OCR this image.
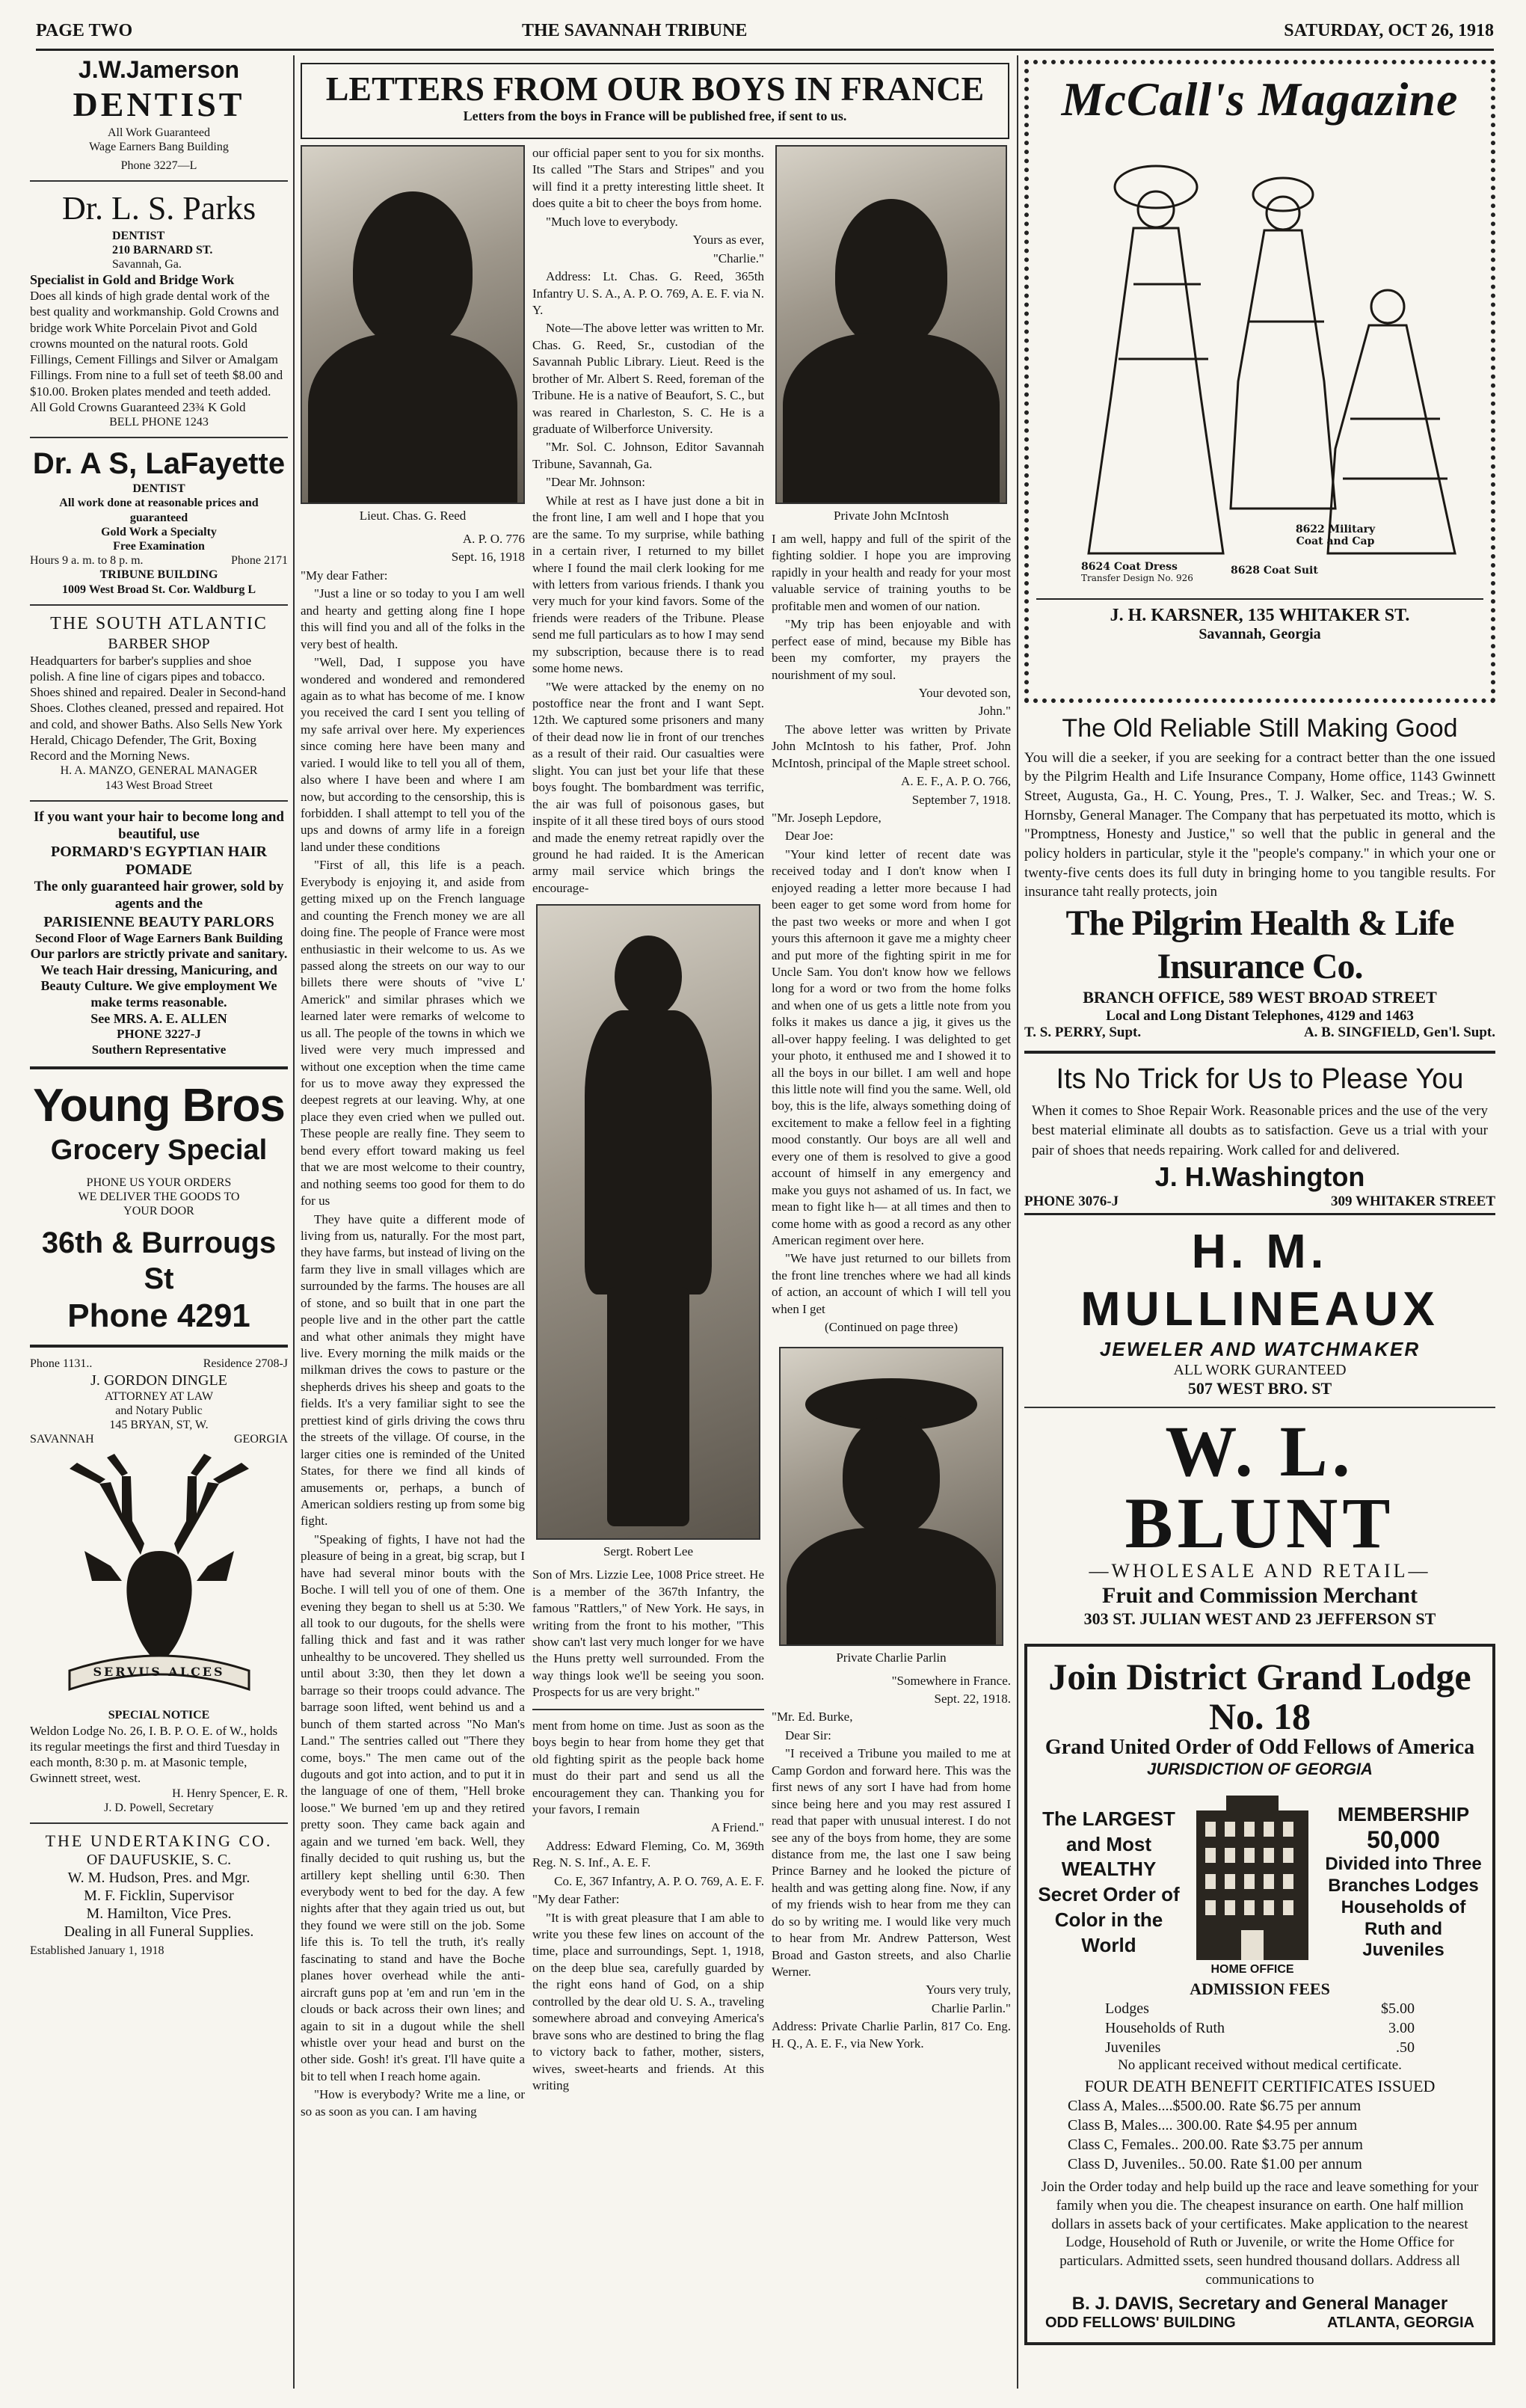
PAGE TWO	THE SAVANNAH TRIBUNE	SATURDAY, OCT 26, 1918
J.W.Jamerson
DENTIST
All Work Guaranteed
Wage Earners Bang Building
Phone 3227—L
Dr. L. S. Parks
DENTIST
210 BARNARD ST.
Savannah, Ga.
Specialist in Gold and Bridge Work
Does all kinds of high grade dental work of the best quality and workmanship. Gold Crowns and bridge work White Porcelain Pivot and Gold crowns mounted on the natural roots. Gold Fillings, Cement Fillings and Silver or Amalgam Fillings. From nine to a full set of teeth $8.00 and $10.00. Broken plates mended and teeth added. All Gold Crowns Guaranteed 23¾ K Gold
BELL PHONE 1243
Dr. A S, LaFayette
DENTIST
All work done at reasonable prices and guaranteed
Gold Work a Specialty
Free Examination
Hours 9 a. m. to 8 p. m.	Phone 2171
TRIBUNE BUILDING
1009 West Broad St. Cor. Waldburg L
THE SOUTH ATLANTIC
BARBER SHOP
Headquarters for barber's supplies and shoe polish. A fine line of cigars pipes and tobacco. Shoes shined and repaired. Dealer in Second-hand Shoes. Clothes cleaned, pressed and repaired. Hot and cold, and shower Baths. Also Sells New York Herald, Chicago Defender, The Grit, Boxing Record and the Morning News.
H. A. MANZO, GENERAL MANAGER
143 West Broad Street
If you want your hair to become long and beautiful, use
PORMARD'S EGYPTIAN HAIR POMADE
The only guaranteed hair grower, sold by agents and the
PARISIENNE BEAUTY PARLORS
Second Floor of Wage Earners Bank Building
Our parlors are strictly private and sanitary. We teach Hair dressing, Manicuring, and Beauty Culture. We give employment We make terms reasonable.
See MRS. A. E. ALLEN
PHONE 3227-J
Southern Representative
Young Bros
Grocery Special
PHONE US YOUR ORDERS
WE DELIVER THE GOODS TO
YOUR DOOR
36th & Burrougs St
Phone 4291
Phone 1131..	Residence 2708-J
J. GORDON DINGLE
ATTORNEY AT LAW
and Notary Public
145 BRYAN, ST, W.
SAVANNAH	GEORGIA
SERVUS ALCES
SPECIAL NOTICE
Weldon Lodge No. 26, I. B. P. O. E. of W., holds its regular meetings the first and third Tuesday in each month, 8:30 p. m. at Masonic temple, Gwinnett street, west.
H. Henry Spencer, E. R.
J. D. Powell, Secretary
THE UNDERTAKING CO.
OF DAUFUSKIE, S. C.
W. M. Hudson, Pres. and Mgr.
M. F. Ficklin, Supervisor
M. Hamilton, Vice Pres.
Dealing in all Funeral Supplies.
Established January 1, 1918
LETTERS FROM OUR BOYS IN FRANCE
Letters from the boys in France will be published free, if sent to us.
Lieut. Chas. G. Reed

A. P. O. 776

Sept. 16, 1918

"My dear Father:

"Just a line or so today to you I am well and hearty and getting along fine I hope this will find you and all of the folks in the very best of health.

"Well, Dad, I suppose you have wondered and wondered and remondered again as to what has become of me. I know you received the card I sent you telling of my safe arrival over here. My experiences since coming here have been many and varied. I would like to tell you all of them, also where I have been and where I am now, but according to the censorship, this is forbidden. I shall attempt to tell you of the ups and downs of army life in a foreign land under these conditions

"First of all, this life is a peach. Everybody is enjoying it, and aside from getting mixed up on the French language and counting the French money we are all doing fine. The people of France were most enthusiastic in their welcome to us. As we passed along the streets on our way to our billets there were shouts of "vive L' Americk" and similar phrases which we learned later were remarks of welcome to us all. The people of the towns in which we lived were very much impressed and without one exception when the time came for us to move away they expressed the deepest regrets at our leaving. Why, at one place they even cried when we pulled out. These people are really fine. They seem to bend every effort toward making us feel that we are most welcome to their country, and nothing seems too good for them to do for us

They have quite a different mode of living from us, naturally. For the most part, they have farms, but instead of living on the farm they live in small villages which are surrounded by the farms. The houses are all of stone, and so built that in one part the people live and in the other part the cattle and what other animals they might have live. Every morning the milk maids or the milkman drives the cows to pasture or the shepherds drives his sheep and goats to the fields. It's a very familiar sight to see the prettiest kind of girls driving the cows thru the streets of the village. Of course, in the larger cities one is reminded of the United States, for there we find all kinds of amusements or, perhaps, a bunch of American soldiers resting up from some big fight.

"Speaking of fights, I have not had the pleasure of being in a great, big scrap, but I have had several minor bouts with the Boche. I will tell you of one of them. One evening they began to shell us at 5:30. We all took to our dugouts, for the shells were falling thick and fast and it was rather unhealthy to be uncovered. They shelled us until about 3:30, then they let down a barrage so their troops could advance. The barrage soon lifted, went behind us and a bunch of them started across "No Man's Land." The sentries called out "There they come, boys." The men came out of the dugouts and got into action, and to put it in the language of one of them, "Hell broke loose." We burned 'em up and they retired pretty soon. They came back again and again and we turned 'em back. Well, they finally decided to quit rushing us, but the artillery kept shelling until 6:30. Then everybody went to bed for the day. A few nights after that they again tried us out, but they found we were still on the job. Some life this is. To tell the truth, it's really fascinating to stand and have the Boche planes hover overhead while the anti-aircraft guns pop at 'em and run 'em in the clouds or back across their own lines; and again to sit in a dugout while the shell whistle over your head and burst on the other side. Gosh! it's great. I'll have quite a bit to tell when I reach home again.

"How is everybody? Write me a line, or so as soon as you can. I am having

our official paper sent to you for six months. Its called "The Stars and Stripes" and you will find it a pretty interesting little sheet. It does quite a bit to cheer the boys from home.

"Much love to everybody.

Yours as ever,

"Charlie."

Address: Lt. Chas. G. Reed, 365th Infantry U. S. A., A. P. O. 769, A. E. F. via N. Y.

Note—The above letter was written to Mr. Chas. G. Reed, Sr., custodian of the Savannah Public Library. Lieut. Reed is the brother of Mr. Albert S. Reed, foreman of the Tribune. He is a native of Beaufort, S. C., but was reared in Charleston, S. C. He is a graduate of Wilberforce University.

"Mr. Sol. C. Johnson, Editor Savannah Tribune, Savannah, Ga.

"Dear Mr. Johnson:

While at rest as I have just done a bit in the front line, I am well and I hope that you are the same. To my surprise, while bathing in a certain river, I returned to my billet where I found the mail clerk looking for me with letters from various friends. I thank you very much for your kind favors. Some of the friends were readers of the Tribune. Please send me full particulars as to how I may send my subscription, because there is to read some home news.

"We were attacked by the enemy on no postoffice near the front and I want Sept. 12th. We captured some prisoners and many of their dead now lie in front of our trenches as a result of their raid. Our casualties were slight. You can just bet your life that these boys fought. The bombardment was terrific, the air was full of poisonous gases, but inspite of it all these tired boys of ours stood and made the enemy retreat rapidly over the ground he had raided. It is the American army mail service which brings the encourage-

Sergt. Robert Lee

Son of Mrs. Lizzie Lee, 1008 Price street. He is a member of the 367th Infantry, the famous "Rattlers," of New York. He says, in writing from the front to his mother, "This show can't last very much longer for we have the Huns pretty well surrounded. From the way things look we'll be seeing you soon. Prospects for us are very bright."

ment from home on time. Just as soon as the boys begin to hear from home they get that old fighting spirit as the people back home must do their part and send us all the encouragement they can. Thanking you for your favors, I remain

A Friend."

Address: Edward Fleming, Co. M, 369th Reg. N. S. Inf., A. E. F.

Co. E, 367 Infantry, A. P. O. 769, A. E. F.

"My dear Father:

"It is with great pleasure that I am able to write you these few lines on account of the time, place and surroundings, Sept. 1, 1918, on the deep blue sea, carefully guarded by the right eons hand of God, on a ship controlled by the dear old U. S. A., traveling somewhere abroad and conveying America's brave sons who are destined to bring the flag to victory back to father, mother, sisters, wives, sweet-hearts and friends. At this writing

Private John McIntosh

I am well, happy and full of the spirit of the fighting soldier. I hope you are improving rapidly in your health and ready for your most valuable service of training youths to be profitable men and women of our nation.

"My trip has been enjoyable and with perfect ease of mind, because my Bible has been my comforter, my prayers the nourishment of my soul.

Your devoted son,

John."

The above letter was written by Private John McIntosh to his father, Prof. John McIntosh, principal of the Maple street school.

A. E. F., A. P. O. 766,

September 7, 1918.

"Mr. Joseph Lepdore,

Dear Joe:

"Your kind letter of recent date was received today and I don't know when I enjoyed reading a letter more because I had been eager to get some word from home for the past two weeks or more and when I got yours this afternoon it gave me a mighty cheer and put more of the fighting spirit in me for Uncle Sam. You don't know how we fellows long for a word or two from the home folks and when one of us gets a little note from you folks it makes us dance a jig, it gives us the all-over happy feeling. I was delighted to get your photo, it enthused me and I showed it to all the boys in our billet. I am well and hope this little note will find you the same. Well, old boy, this is the life, always something doing of excitement to make a fellow feel in a fighting mood constantly. Our boys are all well and every one of them is resolved to give a good account of himself in any emergency and make you guys not ashamed of us. In fact, we mean to fight like h— at all times and then to come home with as good a record as any other American regiment over here.

"We have just returned to our billets from the front line trenches where we had all kinds of action, an account of which I will tell you when I get

(Continued on page three)

Private Charlie Parlin

"Somewhere in France.

Sept. 22, 1918.

"Mr. Ed. Burke,

Dear Sir:

"I received a Tribune you mailed to me at Camp Gordon and forward here. This was the first news of any sort I have had from home since being here and you may rest assured I read that paper with unusual interest. I do not see any of the boys from home, they are some distance from me, the last one I saw being Prince Barney and he looked the picture of health and was getting along fine. Now, if any of my friends wish to hear from me they can do so by writing me. I would like very much to hear from Mr. Andrew Patterson, West Broad and Gaston streets, and also Charlie Werner.

Yours very truly,

Charlie Parlin."

Address: Private Charlie Parlin, 817 Co. Eng. H. Q., A. E. F., via New York.

McCall's Magazine
8622 Military Coat and Cap
8624 Coat Dress
Transfer Design No. 926
8628 Coat Suit
J. H. KARSNER, 135 WHITAKER ST.
Savannah, Georgia
The Old Reliable Still Making Good
You will die a seeker, if you are seeking for a contract better than the one issued by the Pilgrim Health and Life Insurance Company, Home office, 1143 Gwinnett Street, Augusta, Ga., H. C. Young, Pres., T. J. Walker, Sec. and Treas.; W. S. Hornsby, General Manager. The Company that has perpetuated its motto, which is "Promptness, Honesty and Justice," so well that the public in general and the policy holders in particular, style it the "people's company." in which your one or twenty-five cents does its full duty in bringing home to you tangible results. For insurance taht really protects, join
The Pilgrim Health & Life Insurance Co.
BRANCH OFFICE, 589 WEST BROAD STREET
Local and Long Distant Telephones, 4129 and 1463
T. S. PERRY, Supt.	A. B. SINGFIELD, Gen'l. Supt.
Its No Trick for Us to Please You
When it comes to Shoe Repair Work. Reasonable prices and the use of the very best material eliminate all doubts as to satisfaction. Geve us a trial with your pair of shoes that needs repairing. Work called for and delivered.
J. H.Washington
PHONE 3076-J	309 WHITAKER STREET
H. M. MULLINEAUX
JEWELER AND WATCHMAKER
ALL WORK GURANTEED
507 WEST BRO. ST
W. L. BLUNT
—WHOLESALE AND RETAIL—
Fruit and Commission Merchant
303 ST. JULIAN WEST AND 23 JEFFERSON ST
Join District Grand Lodge No. 18
Grand United Order of Odd Fellows of America
JURISDICTION OF GEORGIA
The LARGEST and Most WEALTHY Secret Order of Color in the World
HOME OFFICE
MEMBERSHIP
50,000
Divided into Three Branches Lodges Households of Ruth and Juveniles
ADMISSION FEES
Lodges	$5.00
Households of Ruth	3.00
Juveniles	.50
No applicant received without medical certificate.
FOUR DEATH BENEFIT CERTIFICATES ISSUED
Class A, Males....$500.00. Rate $6.75 per annum
Class B, Males.... 300.00. Rate $4.95 per annum
Class C, Females.. 200.00. Rate $3.75 per annum
Class D, Juveniles.. 50.00. Rate $1.00 per annum
Join the Order today and help build up the race and leave something for your family when you die. The cheapest insurance on earth. One half million dollars in assets back of your certificates. Make application to the nearest Lodge, Household of Ruth or Juvenile, or write the Home Office for particulars. Admitted ssets, seen hundred thousand dollars. Address all communications to
B. J. DAVIS, Secretary and General Manager
ODD FELLOWS' BUILDING	ATLANTA, GEORGIA
